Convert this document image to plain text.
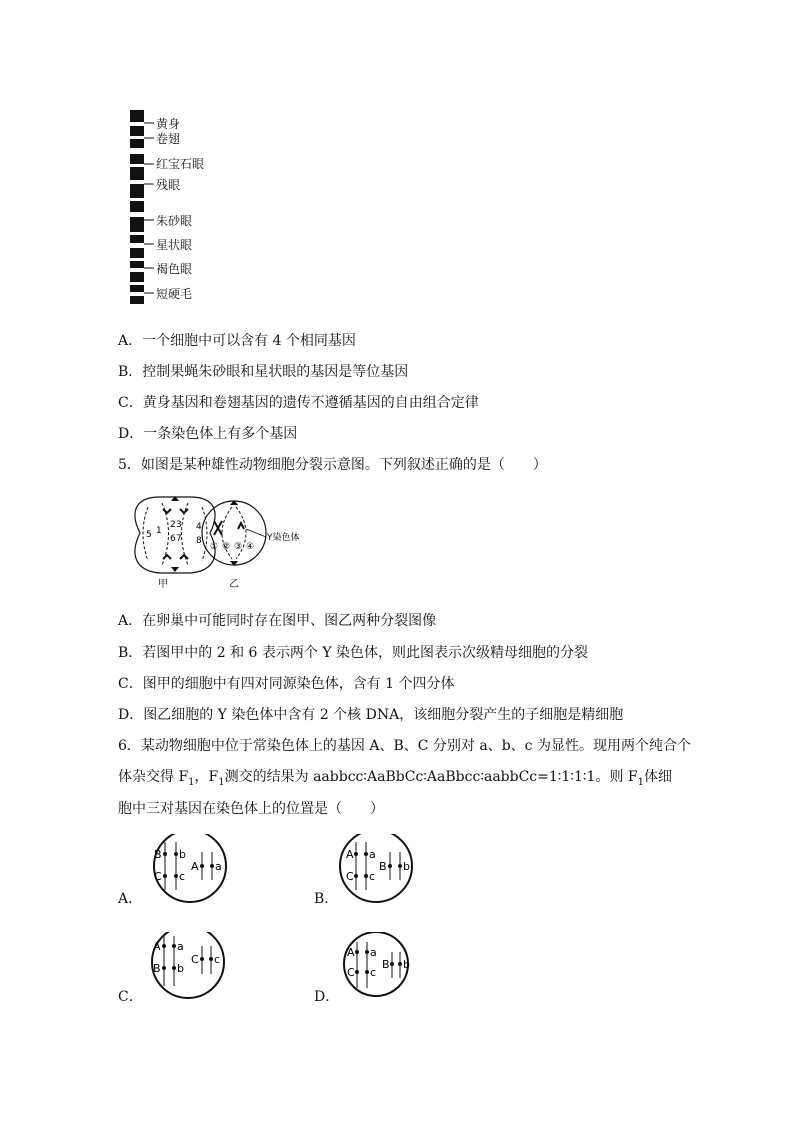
黄身
卷翅
红宝石眼
残眼
朱砂眼
星状眼
褐色眼
短硬毛
A．一个细胞中可以含有 4 个相同基因
B．控制果蝇朱砂眼和星状眼的基因是等位基因
C．黄身基因和卷翅基因的遗传不遵循基因的自由组合定律
D．一条染色体上有多个基因
5．如图是某种雄性动物细胞分裂示意图。下列叙述正确的是（　　）
5
2 3 4
1
6 7 8
甲
① ② ③ ④
Y染色体
乙
A．在卵巢中可能同时存在图甲、图乙两种分裂图像
B．若图甲中的 2 和 6 表示两个 Y 染色体，则此图表示次级精母细胞的分裂
C．图甲的细胞中有四对同源染色体，含有 1 个四分体
D．图乙细胞的 Y 染色体中含有 2 个核 DNA，该细胞分裂产生的子细胞是精细胞
6．某动物细胞中位于常染色体上的基因 A、B、C 分别对 a、b、c 为显性。现用两个纯合个
体杂交得 $F_1$，$F_1$测交的结果为 aabbcc∶AaBbCc∶AaBbcc∶aabbCc=1∶1∶1∶1。则 $F_1$体细
胞中三对基因在染色体上的位置是（　　）
A．
B b
C c
A a
B．
A a
C c
B b
C．
A a
B b
C c
D．
A a
C c
B b
